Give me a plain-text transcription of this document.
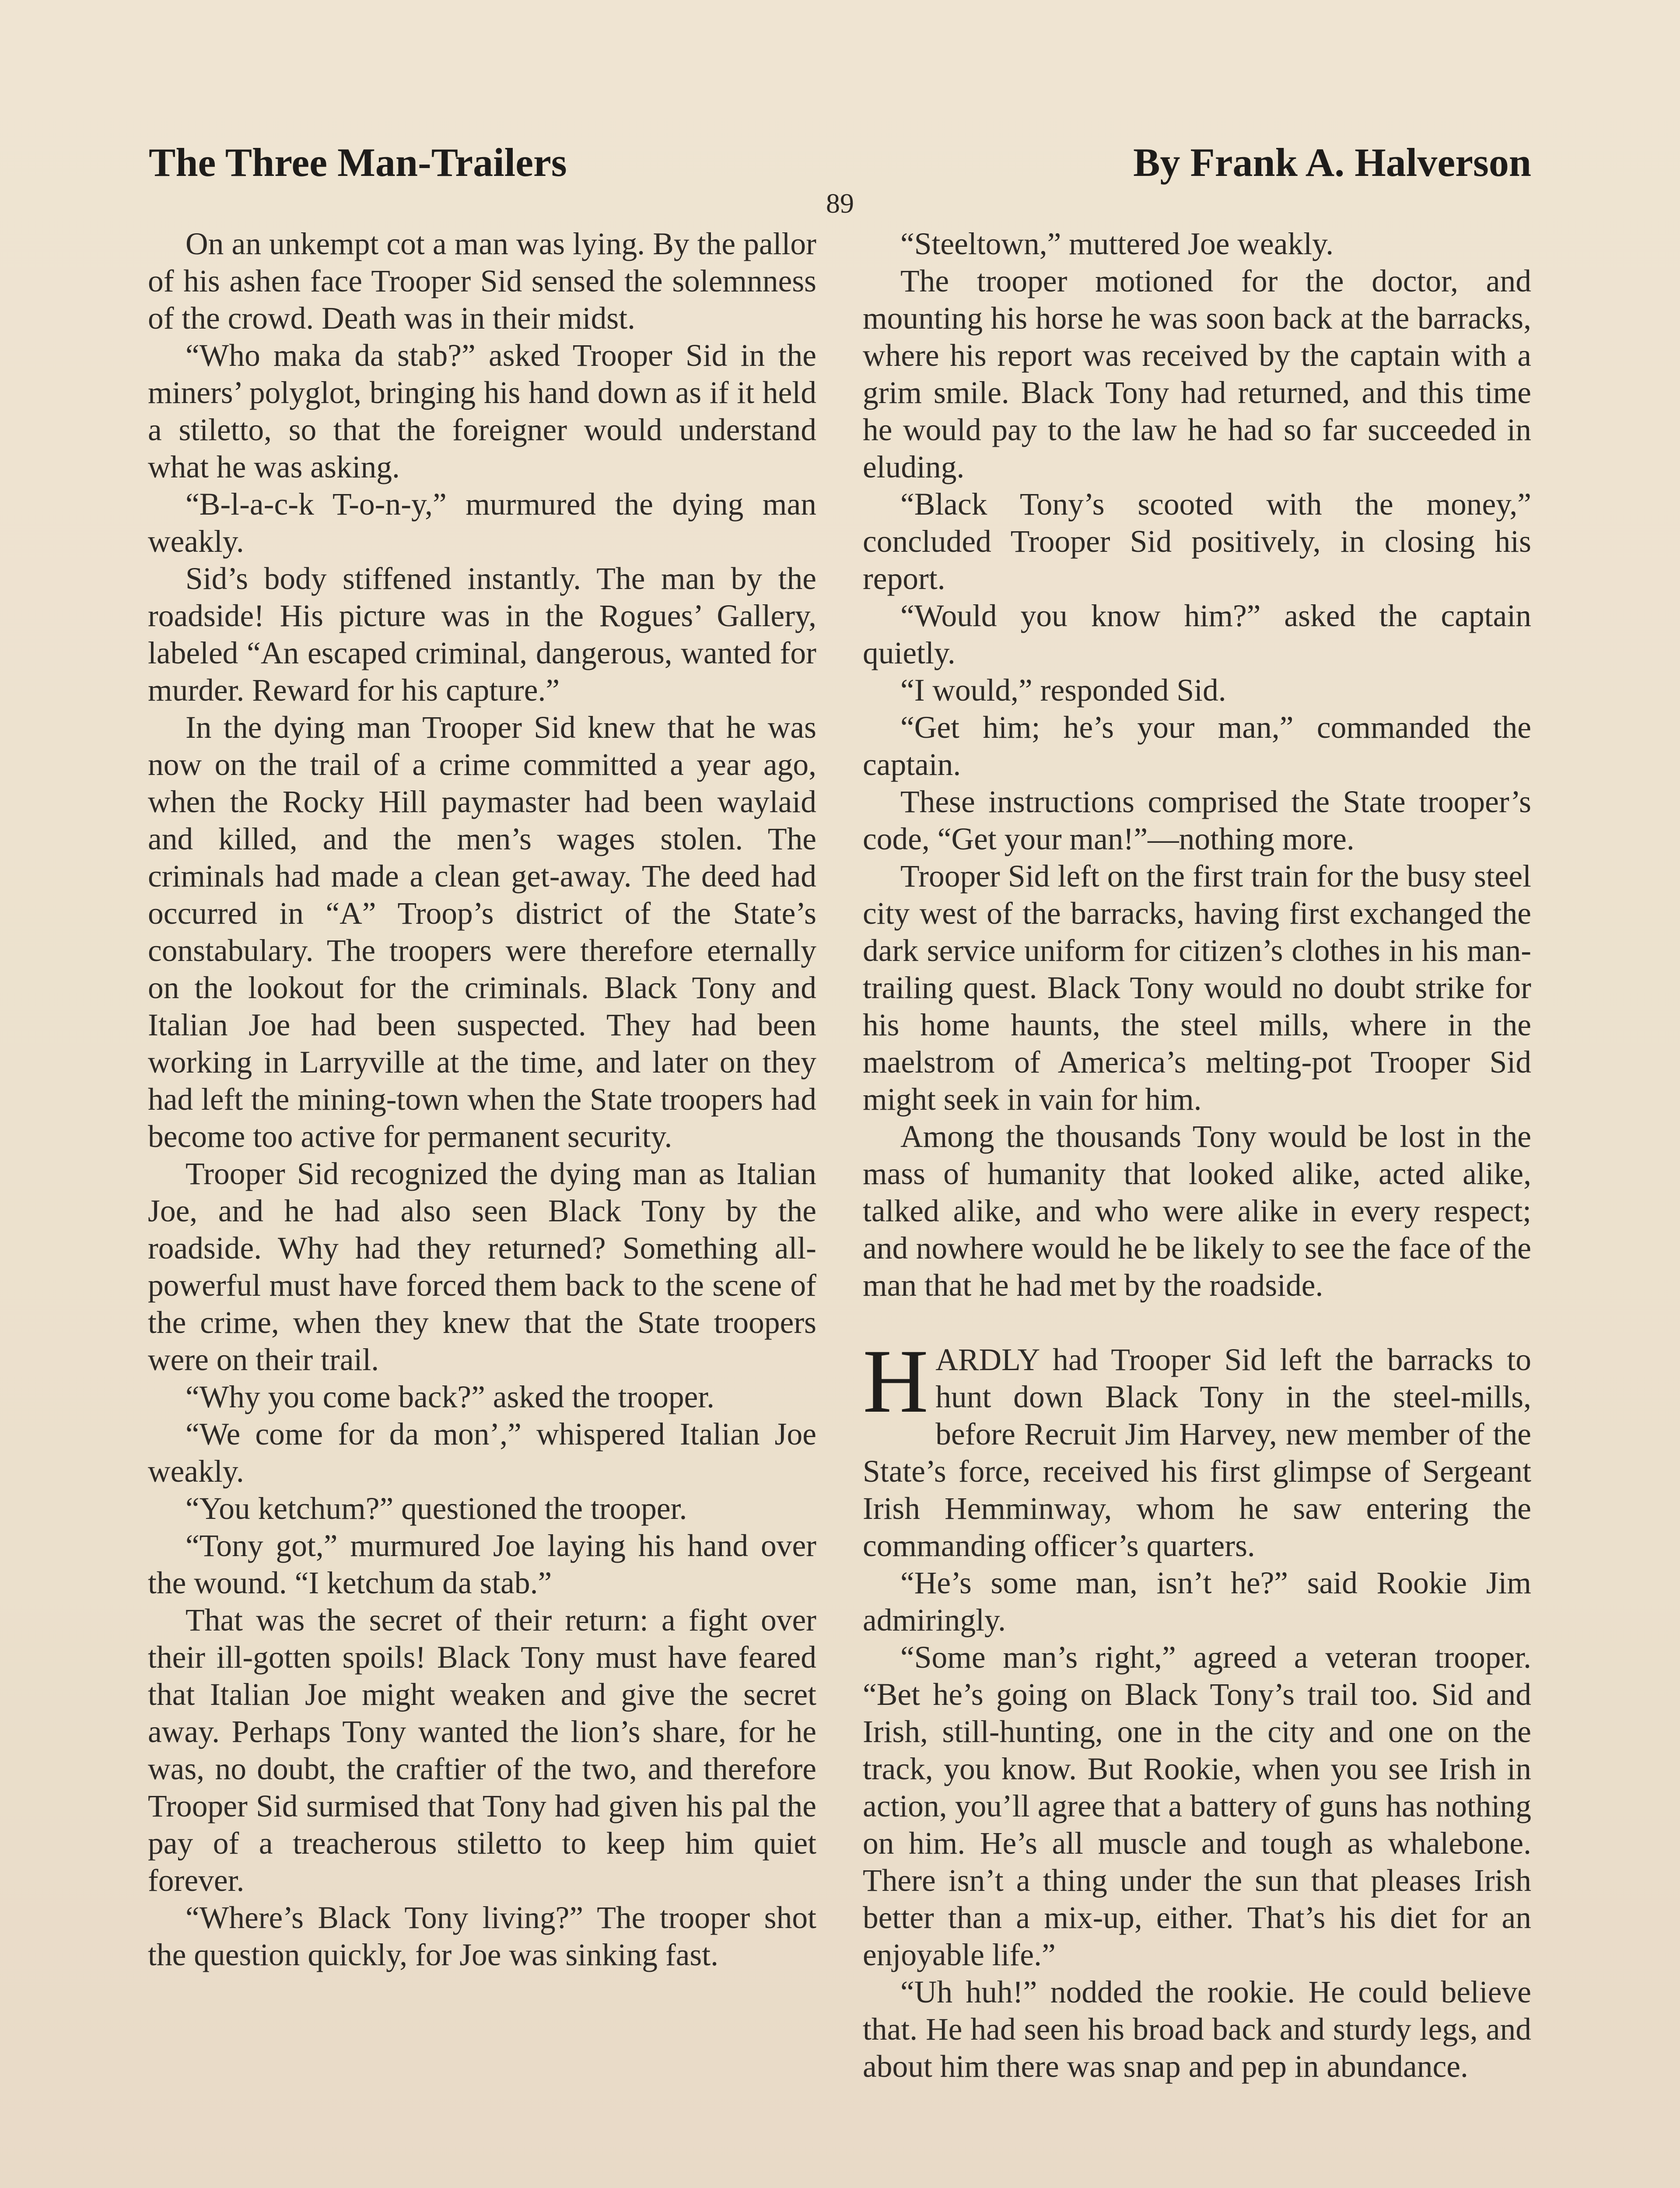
The Three Man-Trailers	By Frank A. Halverson
89

On an unkempt cot a man was lying. By the pallor of his ashen face Trooper Sid sensed the solemnness of the crowd. Death was in their midst.

“Who maka da stab?” asked Trooper Sid in the miners’ polyglot, bringing his hand down as if it held a stiletto, so that the foreigner would understand what he was asking.

“B-l-a-c-k T-o-n-y,” murmured the dying man weakly.

Sid’s body stiffened instantly. The man by the roadside! His picture was in the Rogues’ Gallery, labeled “An escaped criminal, dangerous, wanted for murder. Reward for his capture.”

In the dying man Trooper Sid knew that he was now on the trail of a crime committed a year ago, when the Rocky Hill paymaster had been waylaid and killed, and the men’s wages stolen. The criminals had made a clean get-away. The deed had occurred in “A” Troop’s district of the State’s constabulary. The troopers were therefore eternally on the lookout for the criminals. Black Tony and Italian Joe had been suspected. They had been working in Larryville at the time, and later on they had left the mining-town when the State troopers had become too active for permanent security.

Trooper Sid recognized the dying man as Italian Joe, and he had also seen Black Tony by the roadside. Why had they returned? Something all-powerful must have forced them back to the scene of the crime, when they knew that the State troopers were on their trail.

“Why you come back?” asked the trooper.

“We come for da mon’,” whispered Italian Joe weakly.

“You ketchum?” questioned the trooper.

“Tony got,” murmured Joe laying his hand over the wound. “I ketchum da stab.”

That was the secret of their return: a fight over their ill-gotten spoils! Black Tony must have feared that Italian Joe might weaken and give the secret away. Perhaps Tony wanted the lion’s share, for he was, no doubt, the craftier of the two, and therefore Trooper Sid surmised that Tony had given his pal the pay of a treacherous stiletto to keep him quiet forever.

“Where’s Black Tony living?” The trooper shot the question quickly, for Joe was sinking fast.

“Steeltown,” muttered Joe weakly.

The trooper motioned for the doctor, and mounting his horse he was soon back at the barracks, where his report was received by the captain with a grim smile. Black Tony had returned, and this time he would pay to the law he had so far succeeded in eluding.

“Black Tony’s scooted with the money,” concluded Trooper Sid positively, in closing his report.

“Would you know him?” asked the captain quietly.

“I would,” responded Sid.

“Get him; he’s your man,” commanded the captain.

These instructions comprised the State trooper’s code, “Get your man!”—nothing more.

Trooper Sid left on the first train for the busy steel city west of the barracks, having first exchanged the dark service uniform for citizen’s clothes in his man-trailing quest. Black Tony would no doubt strike for his home haunts, the steel mills, where in the maelstrom of America’s melting-pot Trooper Sid might seek in vain for him.

Among the thousands Tony would be lost in the mass of humanity that looked alike, acted alike, talked alike, and who were alike in every respect; and nowhere would he be likely to see the face of the man that he had met by the roadside.

HARDLY had Trooper Sid left the barracks to hunt down Black Tony in the steel-mills, before Recruit Jim Harvey, new member of the State’s force, received his first glimpse of Sergeant Irish Hemminway, whom he saw entering the commanding officer’s quarters.

“He’s some man, isn’t he?” said Rookie Jim admiringly.

“Some man’s right,” agreed a veteran trooper. “Bet he’s going on Black Tony’s trail too. Sid and Irish, still-hunting, one in the city and one on the track, you know. But Rookie, when you see Irish in action, you’ll agree that a battery of guns has nothing on him. He’s all muscle and tough as whalebone. There isn’t a thing under the sun that pleases Irish better than a mix-up, either. That’s his diet for an enjoyable life.”

“Uh huh!” nodded the rookie. He could believe that. He had seen his broad back and sturdy legs, and about him there was snap and pep in abundance.
